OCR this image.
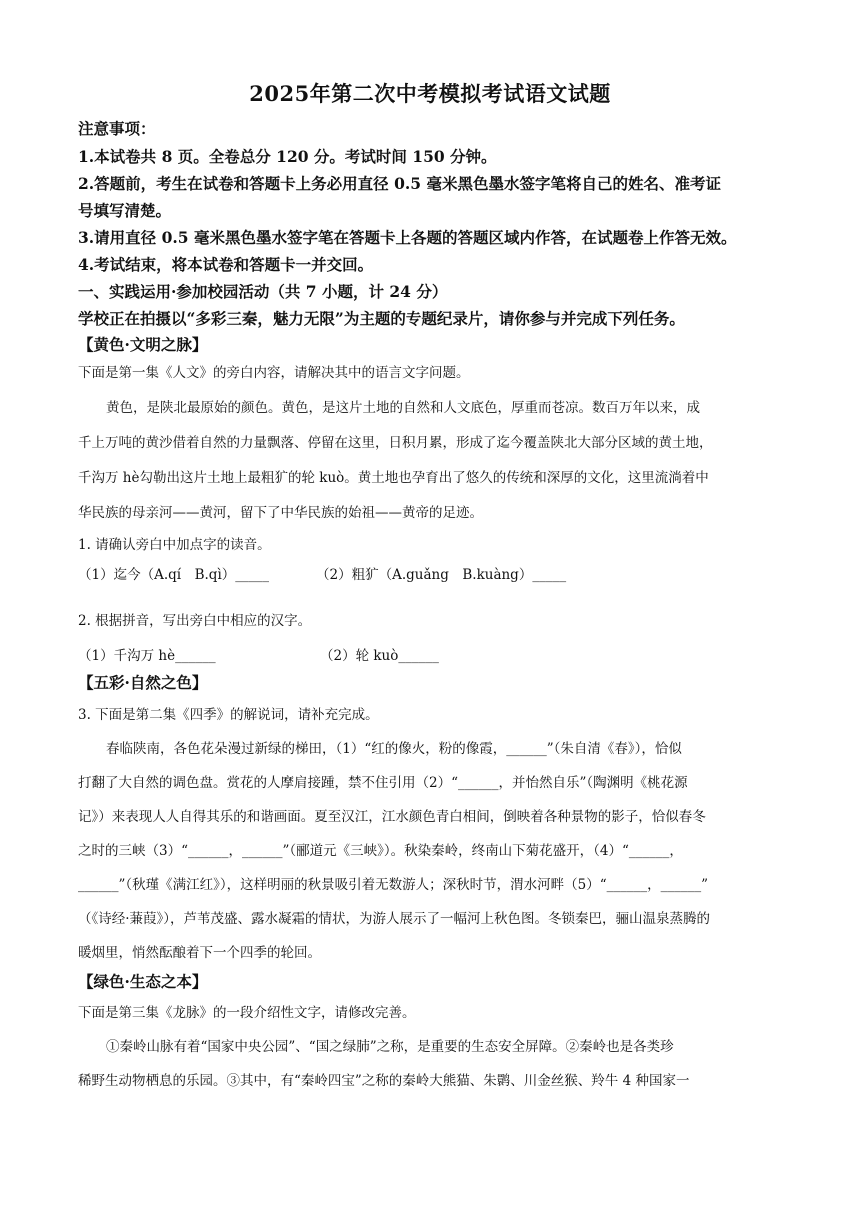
2025年第二次中考模拟考试语文试题
注意事项：
1.本试卷共 8 页。全卷总分 120 分。考试时间 150 分钟。
2.答题前，考生在试卷和答题卡上务必用直径 0.5 毫米黑色墨水签字笔将自己的姓名、准考证
号填写清楚。
3.请用直径 0.5 毫米黑色墨水签字笔在答题卡上各题的答题区域内作答，在试题卷上作答无效。
4.考试结束，将本试卷和答题卡一并交回。
一、实践运用·参加校园活动（共 7 小题，计 24 分）
学校正在拍摄以“多彩三秦，魅力无限”为主题的专题纪录片，请你参与并完成下列任务。
【黄色·文明之脉】
下面是第一集《人文》的旁白内容，请解决其中的语言文字问题。
黄色，是陕北最原始的颜色。黄色，是这片土地的自然和人文底色，厚重而苍凉。数百万年以来，成
千上万吨的黄沙借着自然的力量飘落、停留在这里，日积月累，形成了迄今覆盖陕北大部分区域的黄土地，
千沟万 hè勾勒出这片土地上最粗犷的轮 kuò。黄土地也孕育出了悠久的传统和深厚的文化，这里流淌着中
华民族的母亲河——黄河，留下了中华民族的始祖——黄帝的足迹。
1. 请确认旁白中加点字的读音。
（1）迄今（A.qí　B.qì）_____	（2）粗犷（A.guǎng　B.kuàng）_____
2. 根据拼音，写出旁白中相应的汉字。
（1）千沟万 hè______	（2）轮 kuò______
【五彩·自然之色】
3. 下面是第二集《四季》的解说词，请补充完成。
春临陕南，各色花朵漫过新绿的梯田，（1）“红的像火，粉的像霞，______”（朱自清《春》），恰似
打翻了大自然的调色盘。赏花的人摩肩接踵，禁不住引用（2）“______，并怡然自乐”（陶渊明《桃花源
记》）来表现人人自得其乐的和谐画面。夏至汉江，江水颜色青白相间，倒映着各种景物的影子，恰似春冬
之时的三峡（3）“______，______”（郦道元《三峡》）。秋染秦岭，终南山下菊花盛开，（4）“______，
______”（秋瑾《满江红》），这样明丽的秋景吸引着无数游人；深秋时节，渭水河畔（5）“______，______”
（《诗经·蒹葭》），芦苇茂盛、露水凝霜的情状，为游人展示了一幅河上秋色图。冬锁秦巴，骊山温泉蒸腾的
暖烟里，悄然酝酿着下一个四季的轮回。
【绿色·生态之本】
下面是第三集《龙脉》的一段介绍性文字，请修改完善。
①秦岭山脉有着“国家中央公园”、“国之绿肺”之称，是重要的生态安全屏障。②秦岭也是各类珍
稀野生动物栖息的乐园。③其中，有“秦岭四宝”之称的秦岭大熊猫、朱鹮、川金丝猴、羚牛 4 种国家一
